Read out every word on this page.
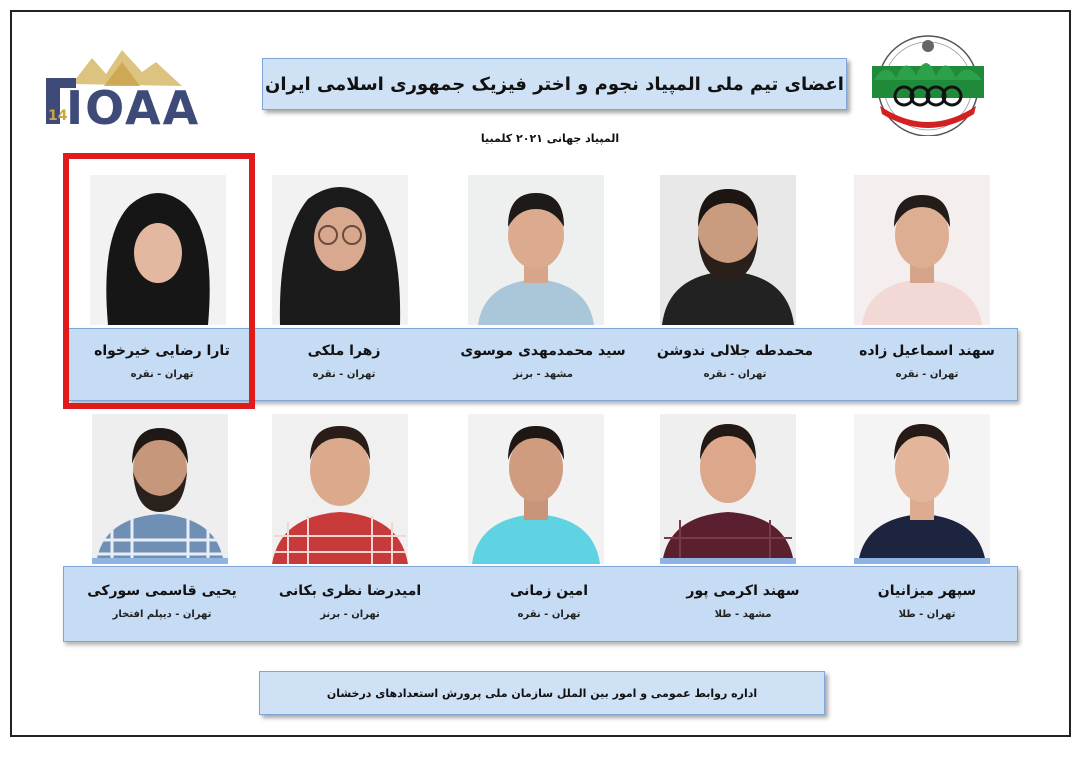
14
IOAA	اعضای تیم ملی المپیاد نجوم و اختر فیزیک جمهوری اسلامی ایران
المپیاد جهانی ۲۰۲۱ کلمبیا
تارا رضایی خیرخواه
تهران - نقره
زهرا ملکی
تهران - نقره
سید محمدمهدی موسوی
مشهد - برنز
محمدطه جلالی ندوشن
تهران - نقره
سهند اسماعیل زاده
تهران - نقره
یحیی قاسمی سورکی
تهران - دیپلم افتخار
امیدرضا نظری بکانی
تهران - برنز
امین زمانی
تهران - نقره
سهند اکرمی پور
مشهد - طلا
سپهر میزانیان
تهران - طلا
اداره روابط عمومی و امور بین الملل سازمان ملی پرورش استعدادهای درخشان
